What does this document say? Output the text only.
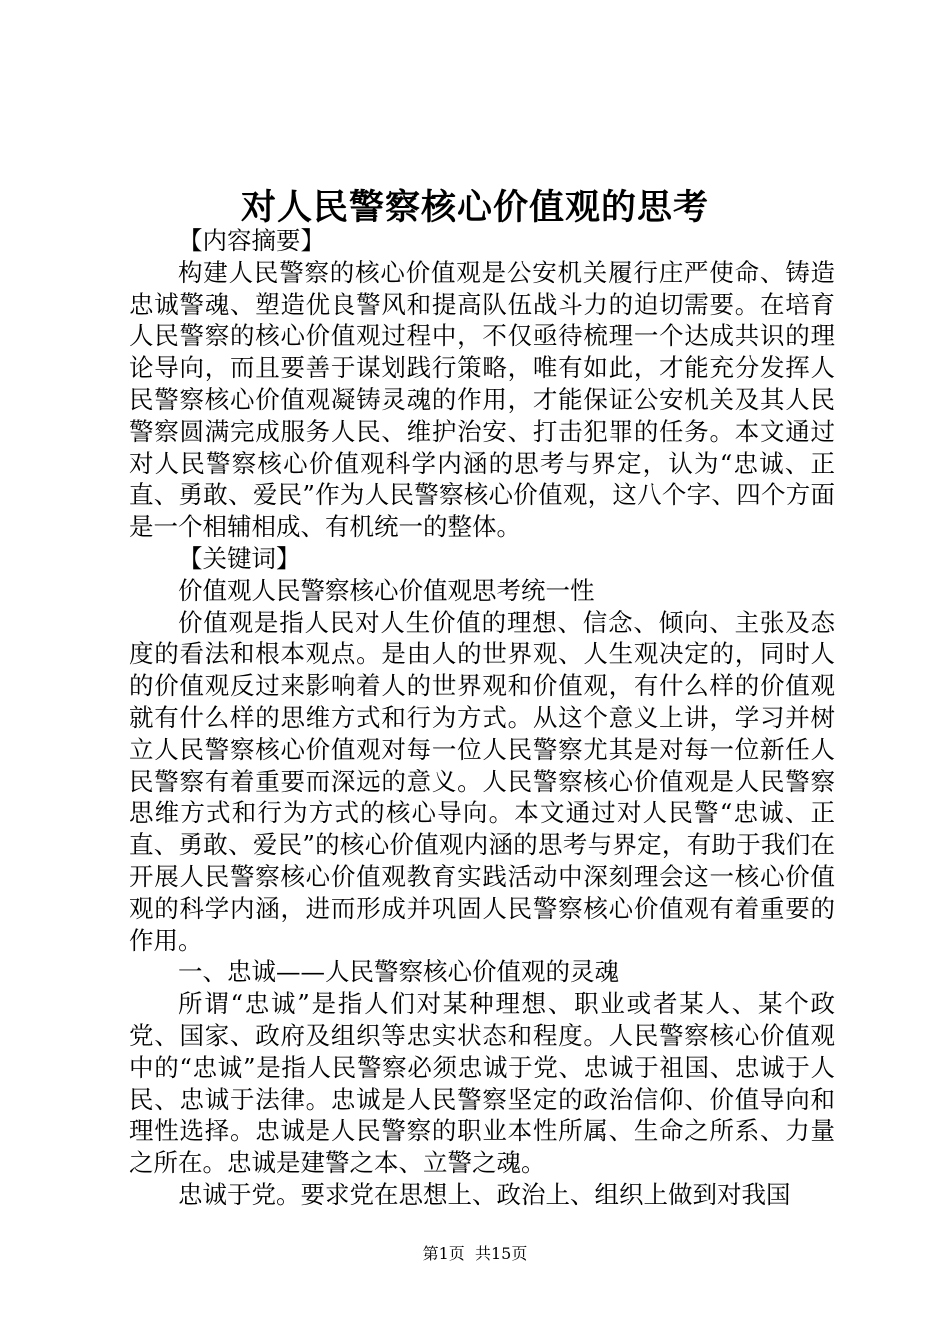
对人民警察核心价值观的思考

【内容摘要】

构建人民警察的核心价值观是公安机关履行庄严使命、铸造忠诚警魂、塑造优良警风和提高队伍战斗力的迫切需要。在培育人民警察的核心价值观过程中，不仅亟待梳理一个达成共识的理论导向，而且要善于谋划践行策略，唯有如此，才能充分发挥人民警察核心价值观凝铸灵魂的作用，才能保证公安机关及其人民警察圆满完成服务人民、维护治安、打击犯罪的任务。本文通过对人民警察核心价值观科学内涵的思考与界定，认为“忠诚、正直、勇敢、爱民”作为人民警察核心价值观，这八个字、四个方面是一个相辅相成、有机统一的整体。

【关键词】

价值观人民警察核心价值观思考统一性

价值观是指人民对人生价值的理想、信念、倾向、主张及态度的看法和根本观点。是由人的世界观、人生观决定的，同时人的价值观反过来影响着人的世界观和价值观，有什么样的价值观就有什么样的思维方式和行为方式。从这个意义上讲，学习并树立人民警察核心价值观对每一位人民警察尤其是对每一位新任人民警察有着重要而深远的意义。人民警察核心价值观是人民警察思维方式和行为方式的核心导向。本文通过对人民警“忠诚、正直、勇敢、爱民”的核心价值观内涵的思考与界定，有助于我们在开展人民警察核心价值观教育实践活动中深刻理会这一核心价值观的科学内涵，进而形成并巩固人民警察核心价值观有着重要的作用。

一、忠诚——人民警察核心价值观的灵魂

所谓“忠诚”是指人们对某种理想、职业或者某人、某个政党、国家、政府及组织等忠实状态和程度。人民警察核心价值观中的“忠诚”是指人民警察必须忠诚于党、忠诚于祖国、忠诚于人民、忠诚于法律。忠诚是人民警察坚定的政治信仰、价值导向和理性选择。忠诚是人民警察的职业本性所属、生命之所系、力量之所在。忠诚是建警之本、立警之魂。

忠诚于党。要求党在思想上、政治上、组织上做到对我国

第1页 共15页
